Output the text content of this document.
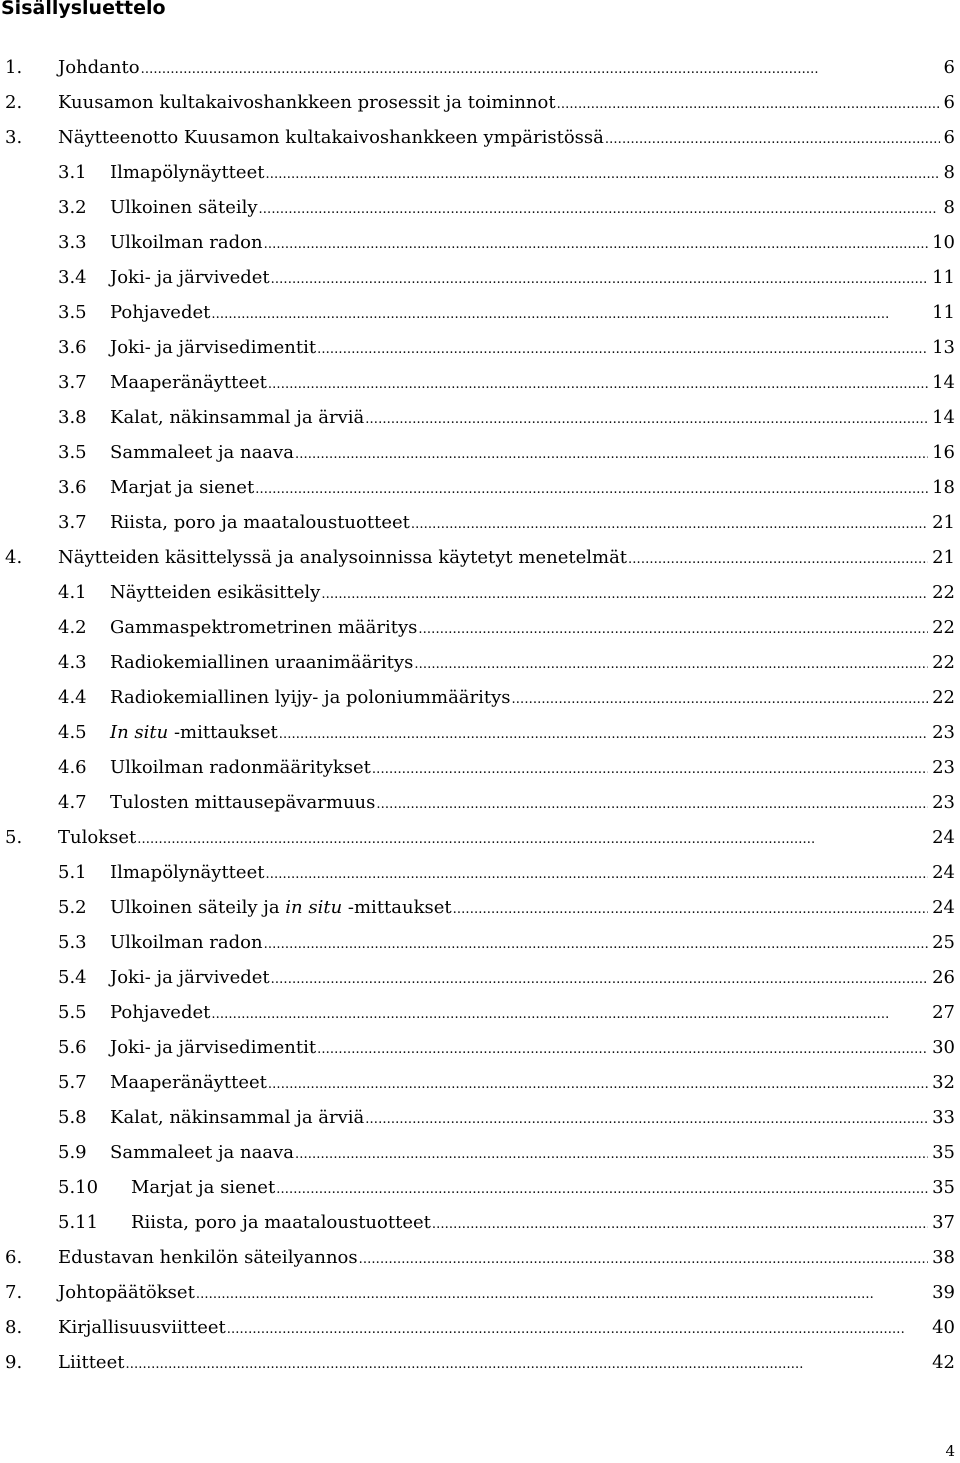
Sisällysluettelo
1. Johdanto . . .	6
2. Kuusamon kultakaivoshankkeen prosessit ja toiminnot . . .	6
3. Näytteenotto Kuusamon kultakaivoshankkeen ympäristössä . . .	6
3.1 Ilmapölynäytteet . . .	8
3.2 Ulkoinen säteily . . .	8
3.3 Ulkoilman radon . . .	10
3.4 Joki- ja järvivedet . . .	11
3.5 Pohjavedet . . .	11
3.6 Joki- ja järvisedimentit . . .	13
3.7 Maaperänäytteet . . .	14
3.8 Kalat, näkinsammal ja ärviä . . .	14
3.5 Sammaleet ja naava . . .	16
3.6 Marjat ja sienet . . .	18
3.7 Riista, poro ja maataloustuotteet . . .	21
4. Näytteiden käsittelyssä ja analysoinnissa käytetyt menetelmät . . .	21
4.1 Näytteiden esikäsittely . . .	22
4.2 Gammaspektrometrinen määritys . . .	22
4.3 Radiokemiallinen uraanimääritys . . .	22
4.4 Radiokemiallinen lyijy- ja poloniummääritys . . .	22
4.5 In situ -mittaukset . . .	23
4.6 Ulkoilman radonmääritykset . . .	23
4.7 Tulosten mittausepävarmuus . . .	23
5. Tulokset . . .	24
5.1 Ilmapölynäytteet . . .	24
5.2 Ulkoinen säteily ja in situ -mittaukset . . .	24
5.3 Ulkoilman radon . . .	25
5.4 Joki- ja järvivedet . . .	26
5.5 Pohjavedet . . .	27
5.6 Joki- ja järvisedimentit . . .	30
5.7 Maaperänäytteet . . .	32
5.8 Kalat, näkinsammal ja ärviä . . .	33
5.9 Sammaleet ja naava . . .	35
5.10 Marjat ja sienet . . .	35
5.11 Riista, poro ja maataloustuotteet . . .	37
6. Edustavan henkilön säteilyannos . . .	38
7. Johtopäätökset . . .	39
8. Kirjallisuusviitteet . . .	40
9. Liitteet . . .	42
4
